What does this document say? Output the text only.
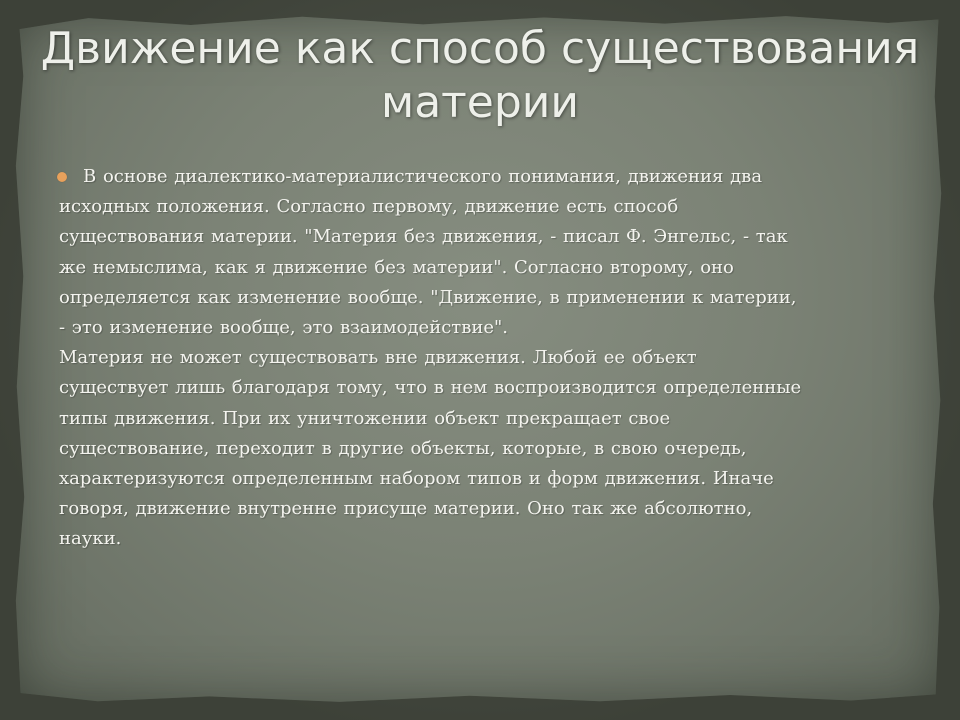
Движение как способ существования материи

В основе диалектико-материалистического понимания, движения два исходных положения. Согласно первому, движение есть способ существования материи. "Материя без движения, - писал Ф. Энгельс, - так же немыслима, как я движение без материи". Согласно второму, оно определяется как изменение вообще. "Движение, в применении к материи, - это изменение вообще, это взаимодействие".

Материя не может существовать вне движения. Любой ее объект существует лишь благодаря тому, что в нем воспроизводится определенные типы движения. При их уничтожении объект прекращает свое существование, переходит в другие объекты, которые, в свою очередь, характеризуются определенным набором типов и форм движения. Иначе говоря, движение внутренне присуще материи. Оно так же абсолютно, науки.
